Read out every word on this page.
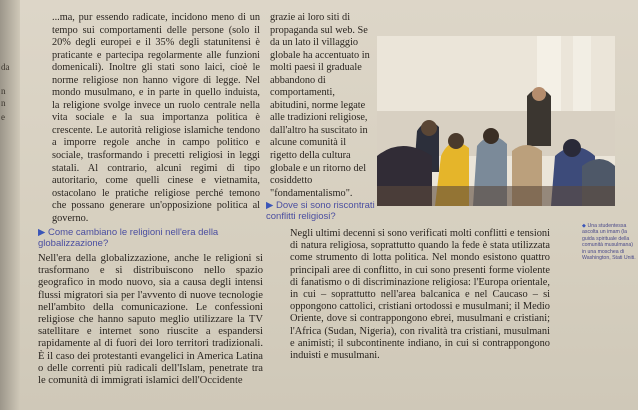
da
n
n
e

...ma, pur essendo radicate, incidono meno di un tempo sui comportamenti delle persone (solo il 20% degli europei e il 35% degli statunitensi è praticante e partecipa regolarmente alle funzioni domenicali). Inoltre gli stati sono laici, cioè le norme religiose non hanno vigore di legge. Nel mondo musulmano, e in parte in quello induista, la religione svolge invece un ruolo centrale nella vita sociale e la sua importanza politica è crescente. Le autorità religiose islamiche tendono a imporre regole anche in campo politico e sociale, trasformando i precetti religiosi in leggi statali. Al contrario, alcuni regimi di tipo autoritario, come quelli cinese e vietnamita, ostacolano le pratiche religiose perché temono che possano generare un'opposizione politica al governo.

grazie ai loro siti di propaganda sul web. Se da un lato il villaggio globale ha accentuato in molti paesi il graduale abbandono di comportamenti, abitudini, norme legate alle tradizioni religiose, dall'altro ha suscitato in alcune comunità il rigetto della cultura globale e un ritorno del cosiddetto "fondamentalismo".

▶ Dove si sono riscontrati conflitti religiosi?
▶ Come cambiano le religioni nell'era della globalizzazione?

Nell'era della globalizzazione, anche le religioni si trasformano e si distribuiscono nello spazio geografico in modo nuovo, sia a causa degli intensi flussi migratori sia per l'avvento di nuove tecnologie nell'ambito della comunicazione. Le confessioni religiose che hanno saputo meglio utilizzare la TV satellitare e internet sono riuscite a espandersi rapidamente al di fuori dei loro territori tradizionali. È il caso dei protestanti evangelici in America Latina o delle correnti più radicali dell'Islam, penetrate tra le comunità di immigrati islamici dell'Occidente

Negli ultimi decenni si sono verificati molti conflitti e tensioni di natura religiosa, soprattutto quando la fede è stata utilizzata come strumento di lotta politica. Nel mondo esistono quattro principali aree di conflitto, in cui sono presenti forme violente di fanatismo o di discriminazione religiosa: l'Europa orientale, in cui – soprattutto nell'area balcanica e nel Caucaso – si oppongono cattolici, cristiani ortodossi e musulmani; il Medio Oriente, dove si contrappongono ebrei, musulmani e cristiani; l'Africa (Sudan, Nigeria), con rivalità tra cristiani, musulmani e animisti; il subcontinente indiano, in cui si contrappongono induisti e musulmani.

◆ Una studentessa ascolta un imam (la guida spirituale della comunità musulmana) in una moschea di Washington, Stati Uniti.
